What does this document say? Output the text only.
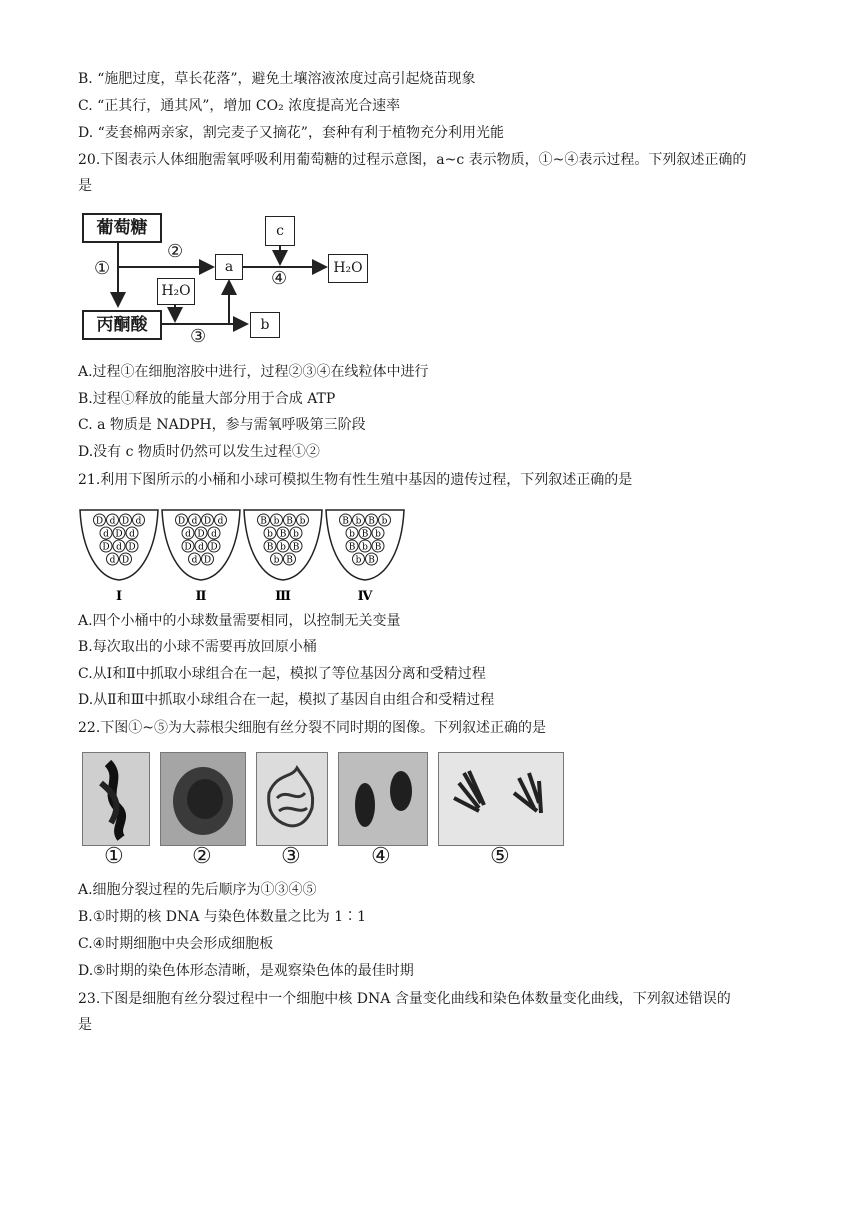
B. “施肥过度，草长花落”，避免土壤溶液浓度过高引起烧苗现象
C. “正其行，通其风”，增加 CO₂ 浓度提高光合速率
D. “麦套棉两亲家，割完麦子又摘花”，套种有利于植物充分利用光能
20.下图表示人体细胞需氧呼吸利用葡萄糖的过程示意图，a~c 表示物质，①~④表示过程。下列叙述正确的
是
葡萄糖
丙酮酸
a
b
c
H₂O
H₂O
①
②
③
④
A.过程①在细胞溶胶中进行，过程②③④在线粒体中进行
B.过程①释放的能量大部分用于合成 ATP
C. a 物质是 NADPH，参与需氧呼吸第三阶段
D.没有 c 物质时仍然可以发生过程①②
21.利用下图所示的小桶和小球可模拟生物有性生殖中基因的遗传过程，下列叙述正确的是
D d D d
d D d
D d D
d D
Ⅰ
D d D d
d D d
D d D
d D
Ⅱ
B b B b
b B b
B b B
b B
Ⅲ
B b B b
b B b
B b B
b B
Ⅳ
A.四个小桶中的小球数量需要相同，以控制无关变量
B.每次取出的小球不需要再放回原小桶
C.从Ⅰ和Ⅱ中抓取小球组合在一起，模拟了等位基因分离和受精过程
D.从Ⅱ和Ⅲ中抓取小球组合在一起，模拟了基因自由组合和受精过程
22.下图①~⑤为大蒜根尖细胞有丝分裂不同时期的图像。下列叙述正确的是
①	②	③	④	⑤
A.细胞分裂过程的先后顺序为①③④⑤
B.①时期的核 DNA 与染色体数量之比为 1∶1
C.④时期细胞中央会形成细胞板
D.⑤时期的染色体形态清晰，是观察染色体的最佳时期
23.下图是细胞有丝分裂过程中一个细胞中核 DNA 含量变化曲线和染色体数量变化曲线，下列叙述错误的
是
